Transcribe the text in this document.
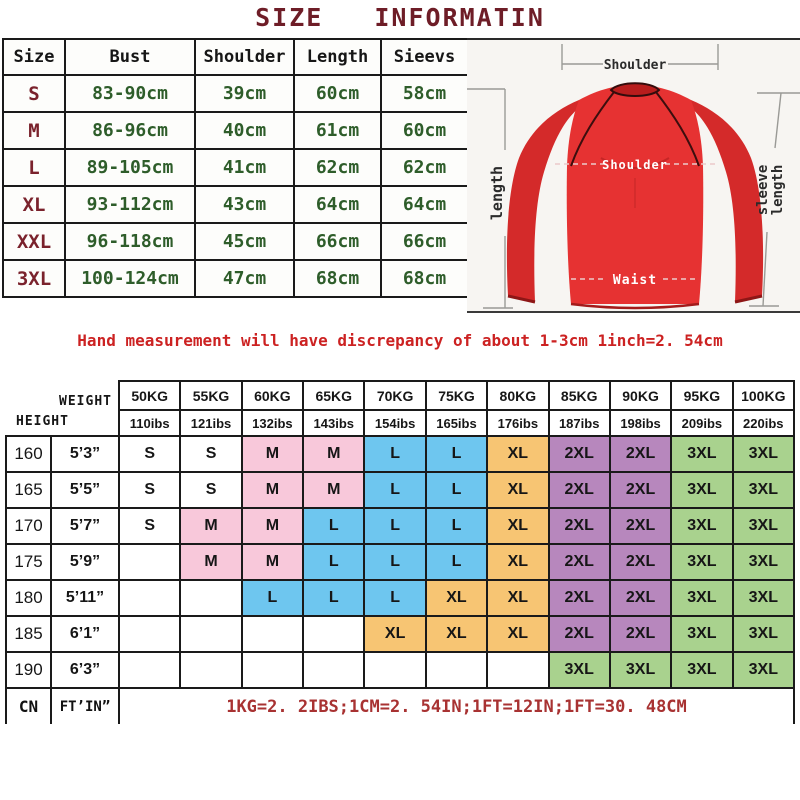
SIZE INFORMATIN
Size	Bust	Shoulder	Length	Sieevs
S	83-90cm	39cm	60cm	58cm
M	86-96cm	40cm	61cm	60cm
L	89-105cm	41cm	62cm	62cm
XL	93-112cm	43cm	64cm	64cm
XXL	96-118cm	45cm	66cm	66cm
3XL	100-124cm	47cm	68cm	68cm
Shoulder
length	sleeve length
Shoulder
Waist
Hand measurement will have discrepancy of about 1-3cm 1inch=2. 54cm
WEIGHT
HEIGHT		50KG	55KG	60KG	65KG	70KG	75KG	80KG	85KG	90KG	95KG	100KG
		110ibs	121ibs	132ibs	143ibs	154ibs	165ibs	176ibs	187ibs	198ibs	209ibs	220ibs
160	5’3”	S	S	M	M	L	L	XL	2XL	2XL	3XL	3XL
165	5’5”	S	S	M	M	L	L	XL	2XL	2XL	3XL	3XL
170	5’7”	S	M	M	L	L	L	XL	2XL	2XL	3XL	3XL
175	5’9”		M	M	L	L	L	XL	2XL	2XL	3XL	3XL
180	5’11”			L	L	L	XL	XL	2XL	2XL	3XL	3XL
185	6’1”					XL	XL	XL	2XL	2XL	3XL	3XL
190	6’3”								3XL	3XL	3XL	3XL
CN	FT’IN”	1KG=2. 2IBS;1CM=2. 54IN;1FT=12IN;1FT=30. 48CM										
